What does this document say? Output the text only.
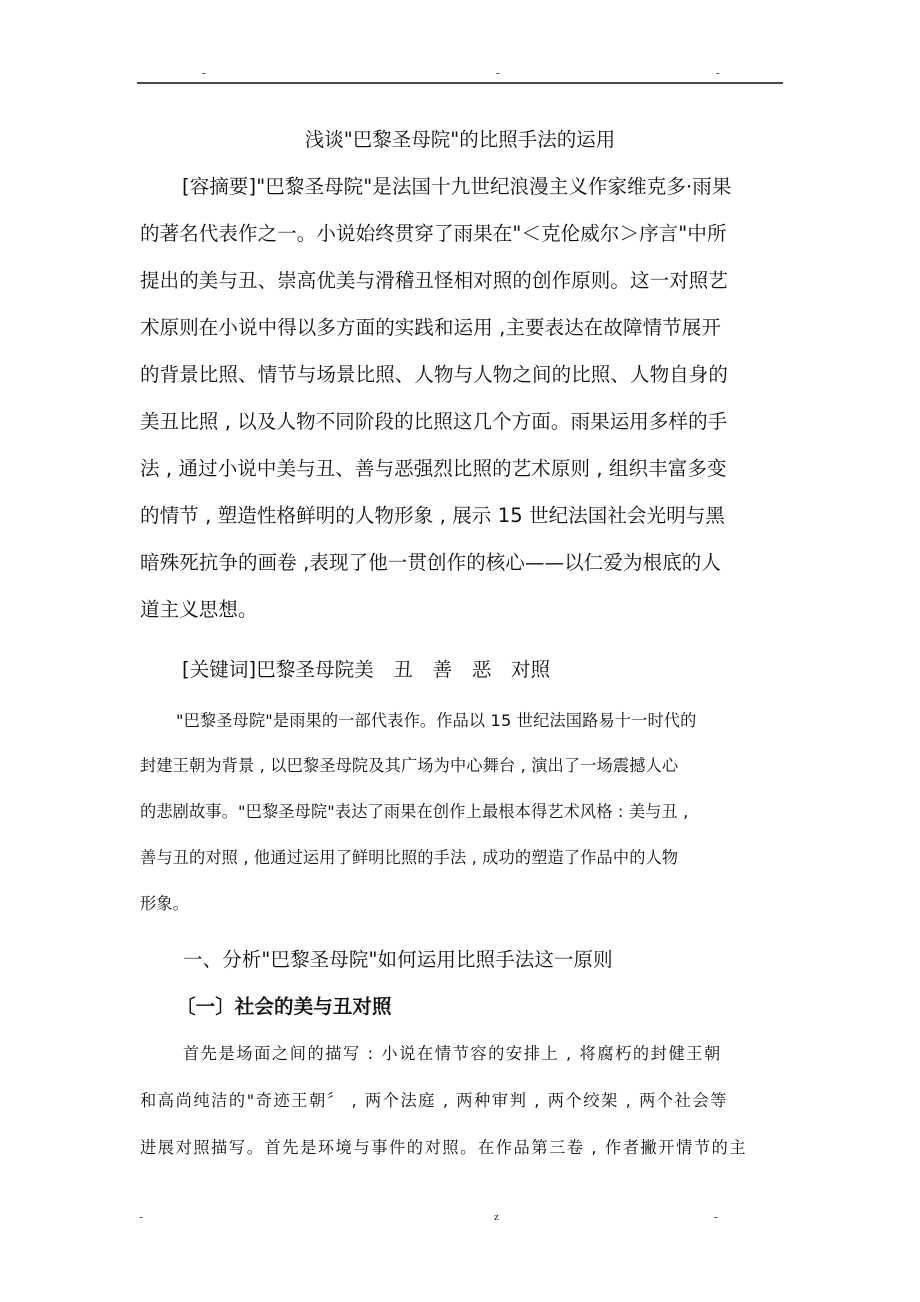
-	-	-
浅谈"巴黎圣母院"的比照手法的运用
[容摘要]"巴黎圣母院"是法国十九世纪浪漫主义作家维克多·雨果
的著名代表作之一。小说始终贯穿了雨果在"＜克伦威尔＞序言"中所
提出的美与丑、崇高优美与滑稽丑怪相对照的创作原则。这一对照艺
术原则在小说中得以多方面的实践和运用 ,主要表达在故障情节展开
的背景比照、情节与场景比照、人物与人物之间的比照、人物自身的
美丑比照 , 以及人物不同阶段的比照这几个方面。雨果运用多样的手
法 , 通过小说中美与丑、善与恶强烈比照的艺术原则 , 组织丰富多变
的情节 , 塑造性格鲜明的人物形象 , 展示 15 世纪法国社会光明与黑
暗殊死抗争的画卷 ,表现了他一贯创作的核心——以仁爱为根底的人
道主义思想。
[关键词]巴黎圣母院美　丑　善　恶　对照
"巴黎圣母院"是雨果的一部代表作。作品以 15 世纪法国路易十一时代的
封建王朝为背景 , 以巴黎圣母院及其广场为中心舞台 , 演出了一场震撼人心
的悲剧故事。"巴黎圣母院"表达了雨果在创作上最根本得艺术风格 : 美与丑 ,
善与丑的对照 , 他通过运用了鲜明比照的手法 , 成功的塑造了作品中的人物
形象。
一、分析"巴黎圣母院"如何运用比照手法这一原则
〔一〕社会的美与丑对照
首先是场面之间的描写 : 小说在情节容的安排上 , 将腐朽的封健王朝
和高尚纯洁的"奇迹王朝〞 , 两个法庭 , 两种审判 , 两个绞架 , 两个社会等
进展对照描写。首先是环境与事件的对照。在作品第三卷 , 作者撇开情节的主
-	z	-
